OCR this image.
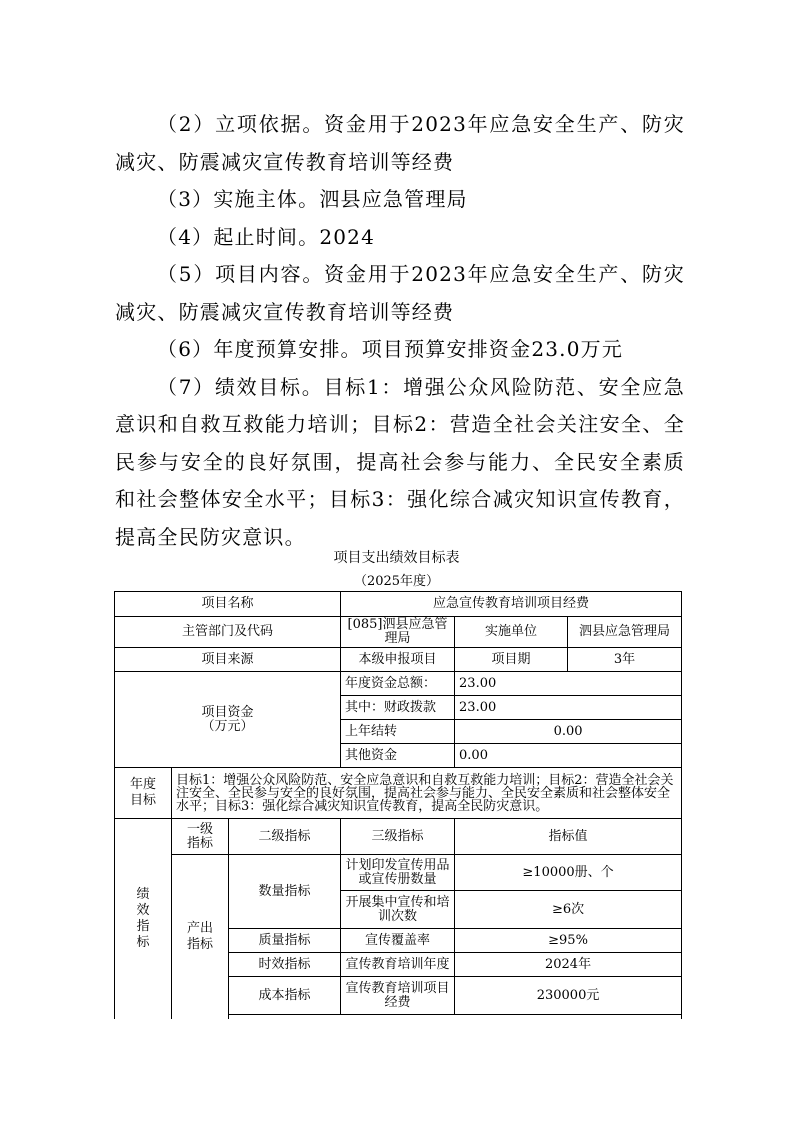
（2）立项依据。资金用于2023年应急安全生产、防灾减灾、防震减灾宣传教育培训等经费

（3）实施主体。泗县应急管理局

（4）起止时间。2024

（5）项目内容。资金用于2023年应急安全生产、防灾减灾、防震减灾宣传教育培训等经费

（6）年度预算安排。项目预算安排资金23.0万元

（7）绩效目标。目标1：增强公众风险防范、安全应急意识和自救互救能力培训；目标2：营造全社会关注安全、全民参与安全的良好氛围，提高社会参与能力、全民安全素质和社会整体安全水平；目标3：强化综合减灾知识宣传教育，提高全民防灾意识。

项目支出绩效目标表
（2025年度）
项目名称			应急宣传教育培训项目经费		
主管部门及代码			[085]泗县应急管理局	实施单位	泗县应急管理局
项目来源			本级申报项目	项目期	3年
项目资金（万元）			年度资金总额：	23.00	
			其中：财政拨款	23.00	
			上年结转	0.00	
			其他资金	0.00	
年度目标	目标1：增强公众风险防范、安全应急意识和自救互救能力培训；目标2：营造全社会关注安全、全民参与安全的良好氛围，提高社会参与能力、全民安全素质和社会整体安全水平；目标3：强化综合减灾知识宣传教育，提高全民防灾意识。				
绩效指标	一级指标	二级指标	三级指标	指标值	
	产出指标	数量指标	计划印发宣传用品或宣传册数量	≥10000册、个	
			开展集中宣传和培训次数	≥6次	
		质量指标	宣传覆盖率	≥95%	
		时效指标	宣传教育培训年度	2024年	
		成本指标	宣传教育培训项目经费	230000元	
